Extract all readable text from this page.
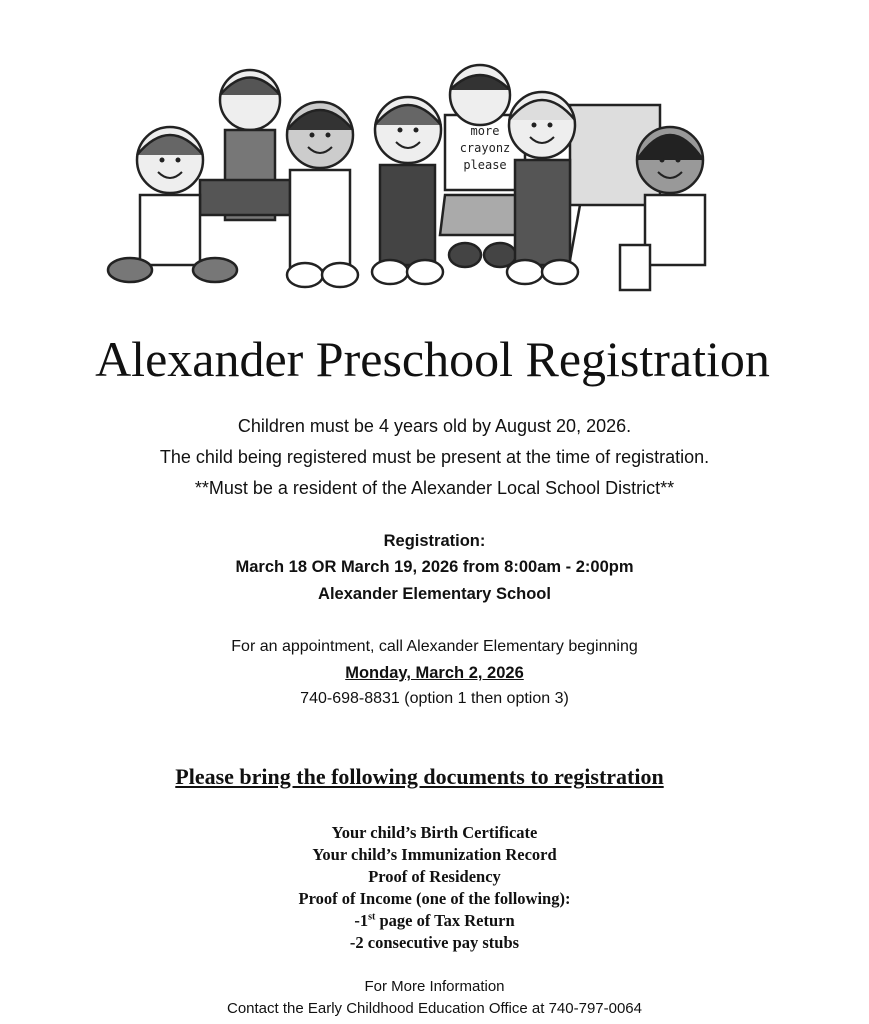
more
crayonz
please
Alexander Preschool Registration
Children must be 4 years old by August 20, 2026.
The child being registered must be present at the time of registration.
**Must be a resident of the Alexander Local School District**
Registration:
March 18 OR March 19, 2026 from 8:00am - 2:00pm
Alexander Elementary School
For an appointment, call Alexander Elementary beginning
Monday, March 2, 2026
740-698-8831 (option 1 then option 3)
Please bring the following documents to registration
Your child’s Birth Certificate
Your child’s Immunization Record
Proof of Residency
Proof of Income (one of the following):
-1st page of Tax Return
-2 consecutive pay stubs
For More Information
Contact the Early Childhood Education Office at 740-797-0064
